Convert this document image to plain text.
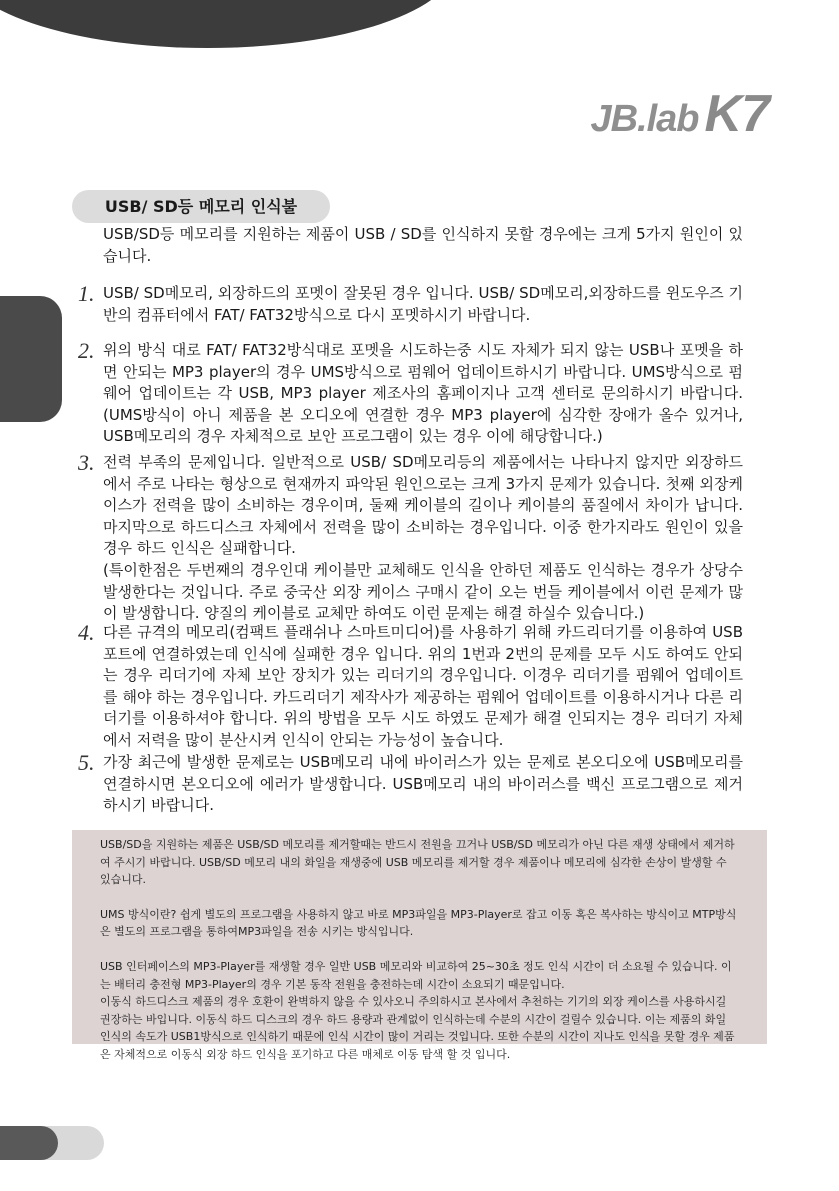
JB.lab K7
USB/ SD등 메모리 인식불
USB/SD등 메모리를 지원하는 제품이 USB / SD를 인식하지 못할 경우에는 크게 5가지 원인이 있습니다.
1. USB/ SD메모리, 외장하드의 포멧이 잘못된 경우 입니다. USB/ SD메모리,외장하드를 윈도우즈 기반의 컴퓨터에서 FAT/ FAT32방식으로 다시 포멧하시기 바랍니다.
2. 위의 방식 대로 FAT/ FAT32방식대로 포멧을 시도하는중 시도 자체가 되지 않는 USB나 포멧을 하면 안되는 MP3 player의 경우 UMS방식으로 펌웨어 업데이트하시기 바랍니다. UMS방식으로 펌웨어 업데이트는 각 USB, MP3 player 제조사의 홈페이지나 고객 센터로 문의하시기 바랍니다.(UMS방식이 아니 제품을 본 오디오에 연결한 경우 MP3 player에 심각한 장애가 올수 있거나, USB메모리의 경우 자체적으로 보안 프로그램이 있는 경우 이에 해당합니다.)
3. 전력 부족의 문제입니다. 일반적으로 USB/ SD메모리등의 제품에서는 나타나지 않지만 외장하드에서 주로 나타는 형상으로 현재까지 파악된 원인으로는 크게 3가지 문제가 있습니다. 첫째 외장케이스가 전력을 많이 소비하는 경우이며, 둘째 케이블의 길이나 케이블의 품질에서 차이가 납니다. 마지막으로 하드디스크 자체에서 전력을 많이 소비하는 경우입니다. 이중 한가지라도 원인이 있을경우 하드 인식은 실패합니다.
(특이한점은 두번째의 경우인대 케이블만 교체해도 인식을 안하던 제품도 인식하는 경우가 상당수 발생한다는 것입니다. 주로 중국산 외장 케이스 구매시 같이 오는 번들 케이블에서 이런 문제가 많이 발생합니다. 양질의 케이블로 교체만 하여도 이런 문제는 해결 하실수 있습니다.)
4. 다른 규격의 메모리(컴팩트 플래쉬나 스마트미디어)를 사용하기 위해 카드리더기를 이용하여 USB포트에 연결하였는데 인식에 실패한 경우 입니다. 위의 1번과 2번의 문제를 모두 시도 하여도 안되는 경우 리더기에 자체 보안 장치가 있는 리더기의 경우입니다. 이경우 리더기를 펌웨어 업데이트를 해야 하는 경우입니다. 카드리더기 제작사가 제공하는 펌웨어 업데이트를 이용하시거나 다른 리더기를 이용하셔야 합니다. 위의 방법을 모두 시도 하였도 문제가 해결 인되지는 경우 리더기 자체에서 저력을 많이 분산시켜 인식이 안되는 가능성이 높습니다.
5. 가장 최근에 발생한 문제로는 USB메모리 내에 바이러스가 있는 문제로 본오디오에 USB메모리를 연결하시면 본오디오에 에러가 발생합니다. USB메모리 내의 바이러스를 백신 프로그램으로 제거하시기 바랍니다.

USB/SD을 지원하는 제품은 USB/SD 메모리를 제거할때는 반드시 전원을 끄거나 USB/SD 메모리가 아닌 다른 재생 상태에서 제거하여 주시기 바랍니다. USB/SD 메모리 내의 화일을 재생중에 USB 메모리를 제거할 경우 제품이나 메모리에 심각한 손상이 발생할 수 있습니다.

UMS 방식이란? 쉽게 별도의 프로그램을 사용하지 않고 바로 MP3파일을 MP3-Player로 잡고 이동 혹은 복사하는 방식이고 MTP방식은 별도의 프로그램을 통하여MP3파일을 전송 시키는 방식입니다.

USB 인터페이스의 MP3-Player를 재생할 경우 일반 USB 메모리와 비교하여 25~30초 정도 인식 시간이 더 소요될 수 있습니다. 이는 배터리 충전형 MP3-Player의 경우 기본 동작 전원을 충전하는데 시간이 소요되기 때문입니다.

이동식 하드디스크 제품의 경우 호환이 완벽하지 않을 수 있사오니 주의하시고 본사에서 추천하는 기기의 외장 케이스를 사용하시길 권장하는 바입니다. 이동식 하드 디스크의 경우 하드 용량과 관계없이 인식하는데 수분의 시간이 걸릴수 있습니다. 이는 제품의 화일 인식의 속도가 USB1방식으로 인식하기 때문에 인식 시간이 많이 거리는 것입니다. 또한 수분의 시간이 지나도 인식을 못할 경우 제품은 자체적으로 이동식 외장 하드 인식을 포기하고 다른 매체로 이동 탐색 할 것 입니다.
